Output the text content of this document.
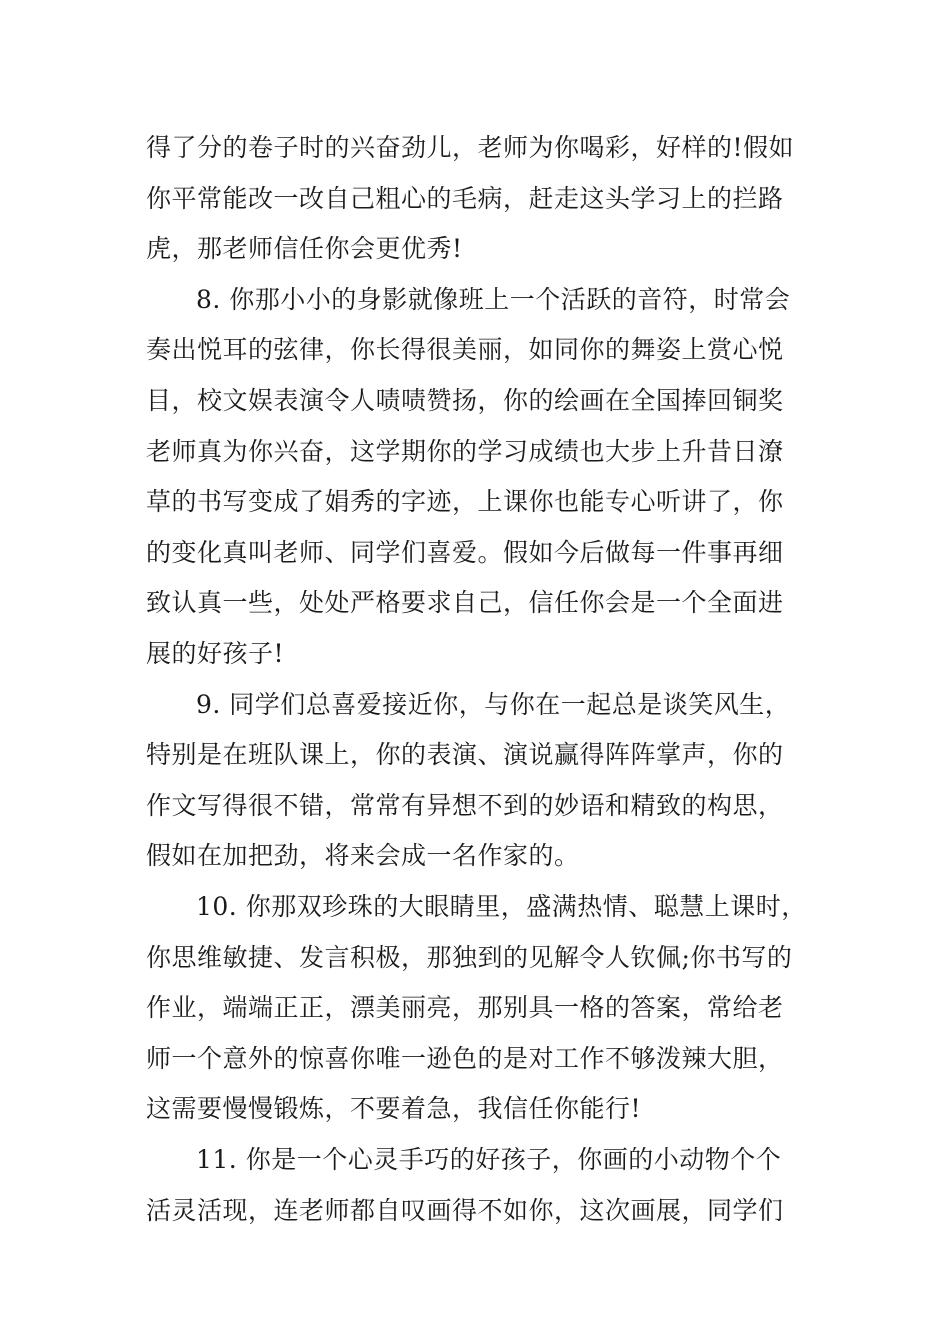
得了分的卷子时的兴奋劲儿，老师为你喝彩，好样的!假如
你平常能改一改自己粗心的毛病，赶走这头学习上的拦路
虎，那老师信任你会更优秀!
8. 你那小小的身影就像班上一个活跃的音符，时常会
奏出悦耳的弦律，你长得很美丽，如同你的舞姿上赏心悦
目，校文娱表演令人啧啧赞扬，你的绘画在全国捧回铜奖
老师真为你兴奋，这学期你的学习成绩也大步上升昔日潦
草的书写变成了娟秀的字迹，上课你也能专心听讲了，你
的变化真叫老师、同学们喜爱。假如今后做每一件事再细
致认真一些，处处严格要求自己，信任你会是一个全面进
展的好孩子!
9. 同学们总喜爱接近你，与你在一起总是谈笑风生，
特别是在班队课上，你的表演、演说赢得阵阵掌声，你的
作文写得很不错，常常有异想不到的妙语和精致的构思，
假如在加把劲，将来会成一名作家的。
10. 你那双珍珠的大眼睛里，盛满热情、聪慧上课时，
你思维敏捷、发言积极，那独到的见解令人钦佩;你书写的
作业，端端正正，漂美丽亮，那别具一格的答案，常给老
师一个意外的惊喜你唯一逊色的是对工作不够泼辣大胆，
这需要慢慢锻炼，不要着急，我信任你能行!
11. 你是一个心灵手巧的好孩子，你画的小动物个个
活灵活现，连老师都自叹画得不如你，这次画展，同学们
